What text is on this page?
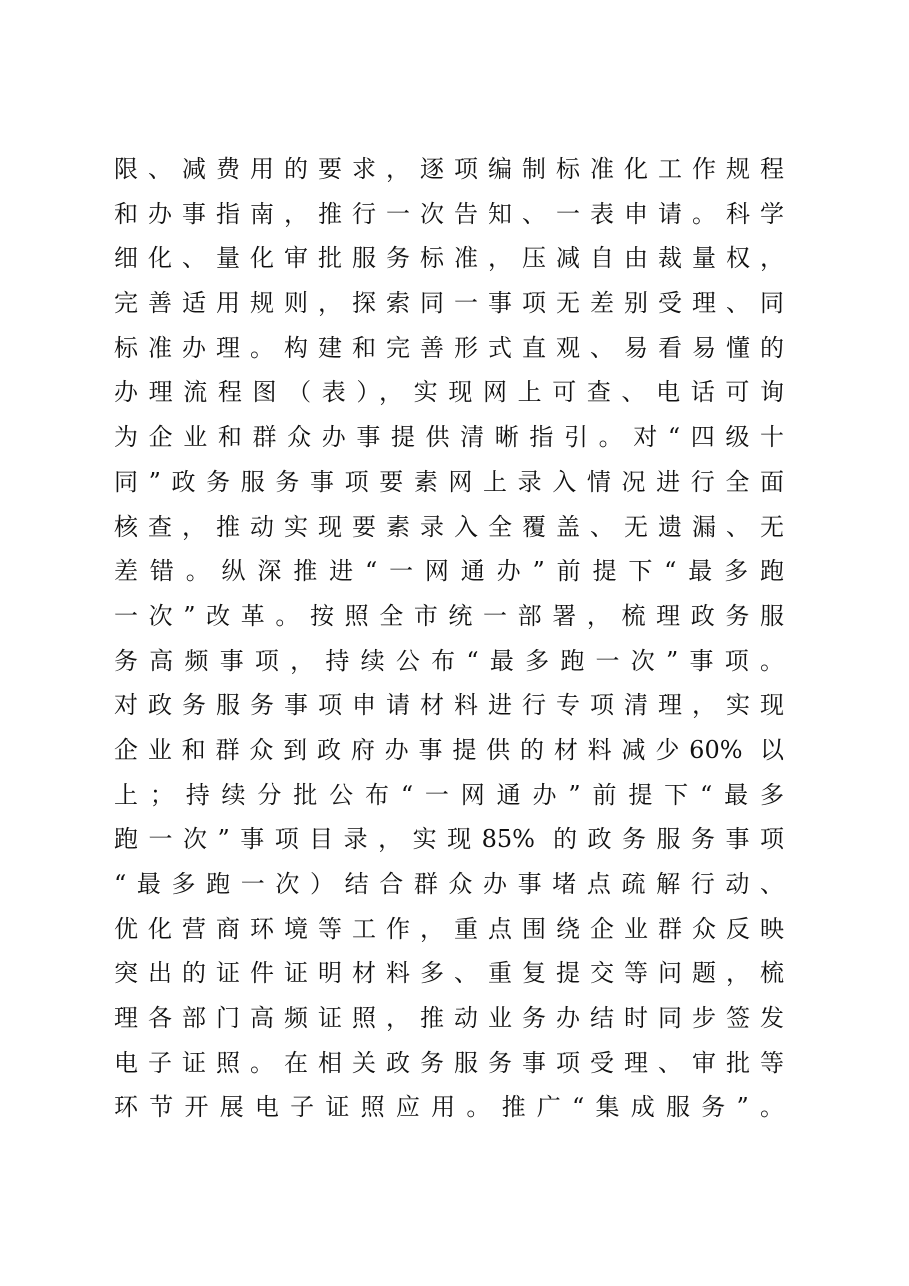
限、减费用的要求，逐项编制标准化工作规程
和办事指南，推行一次告知、一表申请。科学
细化、量化审批服务标准，压减自由裁量权，
完善适用规则，探索同一事项无差别受理、同
标准办理。构建和完善形式直观、易看易懂的
办理流程图（表），实现网上可查、电话可询
为企业和群众办事提供清晰指引。对“四级十
同”政务服务事项要素网上录入情况进行全面
核查，推动实现要素录入全覆盖、无遗漏、无
差错。纵深推进“一网通办”前提下“最多跑
一次”改革。按照全市统一部署，梳理政务服
务高频事项，持续公布“最多跑一次”事项。
对政务服务事项申请材料进行专项清理，实现
企业和群众到政府办事提供的材料减少60% 以
上；持续分批公布“一网通办”前提下“最多
跑一次”事项目录，实现85% 的政务服务事项
“最多跑一次）结合群众办事堵点疏解行动、
优化营商环境等工作，重点围绕企业群众反映
突出的证件证明材料多、重复提交等问题，梳
理各部门高频证照，推动业务办结时同步签发
电子证照。在相关政务服务事项受理、审批等
环节开展电子证照应用。推广“集成服务”。
